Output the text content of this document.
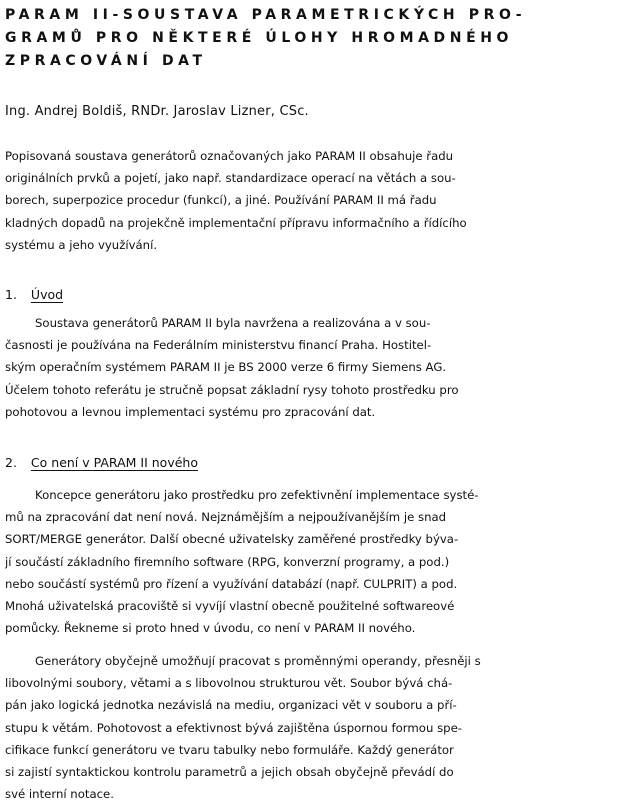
PARAM II-SOUSTAVA PARAMETRICKÝCH PRO-
GRAMŮ PRO NĚKTERÉ ÚLOHY HROMADNÉHO
ZPRACOVÁNÍ DAT
Ing. Andrej Boldiš, RNDr. Jaroslav Lizner, CSc.

Popisovaná soustava generátorů označovaných jako PARAM II obsahuje řadu
originálních prvků a pojetí, jako např. standardizace operací na větách a sou-
borech, superpozice procedur (funkcí), a jiné. Používání PARAM II má řadu
kladných dopadů na projekčně implementační přípravu informačního a řídícího
systému a jeho využívání.

1. Úvod

Soustava generátorů PARAM II byla navržena a realizována a v sou-
časnosti je používána na Federálním ministerstvu financí Praha. Hostitel-
ským operačním systémem PARAM II je BS 2000 verze 6 firmy Siemens AG.
Účelem tohoto referátu je stručně popsat základní rysy tohoto prostředku pro
pohotovou a levnou implementaci systému pro zpracování dat.

2. Co není v PARAM II nového

Koncepce generátoru jako prostředku pro zefektivnění implementace systé-
mů na zpracování dat není nová. Nejznámějším a nejpoužívanějším je snad
SORT/MERGE generátor. Další obecné uživatelsky zaměřené prostředky býva-
jí součástí základního firemního software (RPG, konverzní programy, a pod.)
nebo součástí systémů pro řízení a využívání databází (např. CULPRIT) a pod.
Mnohá uživatelská pracoviště si vyvíjí vlastní obecně použitelné softwareové
pomůcky. Řekneme si proto hned v úvodu, co není v PARAM II nového.

Generátory obyčejně umožňují pracovat s proměnnými operandy, přesněji s
libovolnými soubory, větami a s libovolnou strukturou vět. Soubor bývá chá-
pán jako logická jednotka nezávislá na mediu, organizaci vět v souboru a pří-
stupu k větám. Pohotovost a efektivnost bývá zajištěna úspornou formou spe-
cifikace funkcí generátoru ve tvaru tabulky nebo formuláře. Každý generátor
si zajistí syntaktickou kontrolu parametrů a jejich obsah obyčejně převádí do
své interní notace.
